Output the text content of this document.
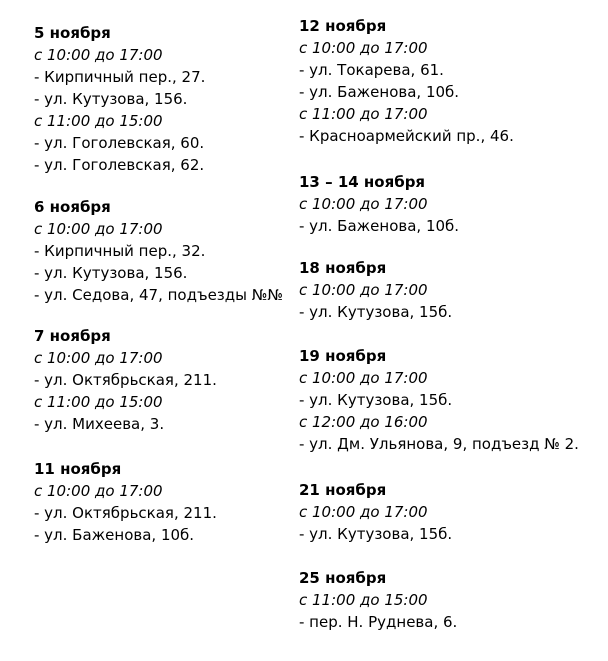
5 ноября
с 10:00 до 17:00
- Кирпичный пер., 27.
- ул. Кутузова, 156.
с 11:00 до 15:00
- ул. Гоголевская, 60.
- ул. Гоголевская, 62.
6 ноября
с 10:00 до 17:00
- Кирпичный пер., 32.
- ул. Кутузова, 156.
- ул. Седова, 47, подъезды №№
7 ноября
с 10:00 до 17:00
- ул. Октябрьская, 211.
с 11:00 до 15:00
- ул. Михеева, 3.
11 ноября
с 10:00 до 17:00
- ул. Октябрьская, 211.
- ул. Баженова, 10б.
12 ноября
с 10:00 до 17:00
- ул. Токарева, 61.
- ул. Баженова, 10б.
с 11:00 до 17:00
- Красноармейский пр., 46.
13 – 14 ноября
с 10:00 до 17:00
- ул. Баженова, 10б.
18 ноября
с 10:00 до 17:00
- ул. Кутузова, 15б.
19 ноября
с 10:00 до 17:00
- ул. Кутузова, 15б.
с 12:00 до 16:00
- ул. Дм. Ульянова, 9, подъезд № 2.
21 ноября
с 10:00 до 17:00
- ул. Кутузова, 15б.
25 ноября
с 11:00 до 15:00
- пер. Н. Руднева, 6.
